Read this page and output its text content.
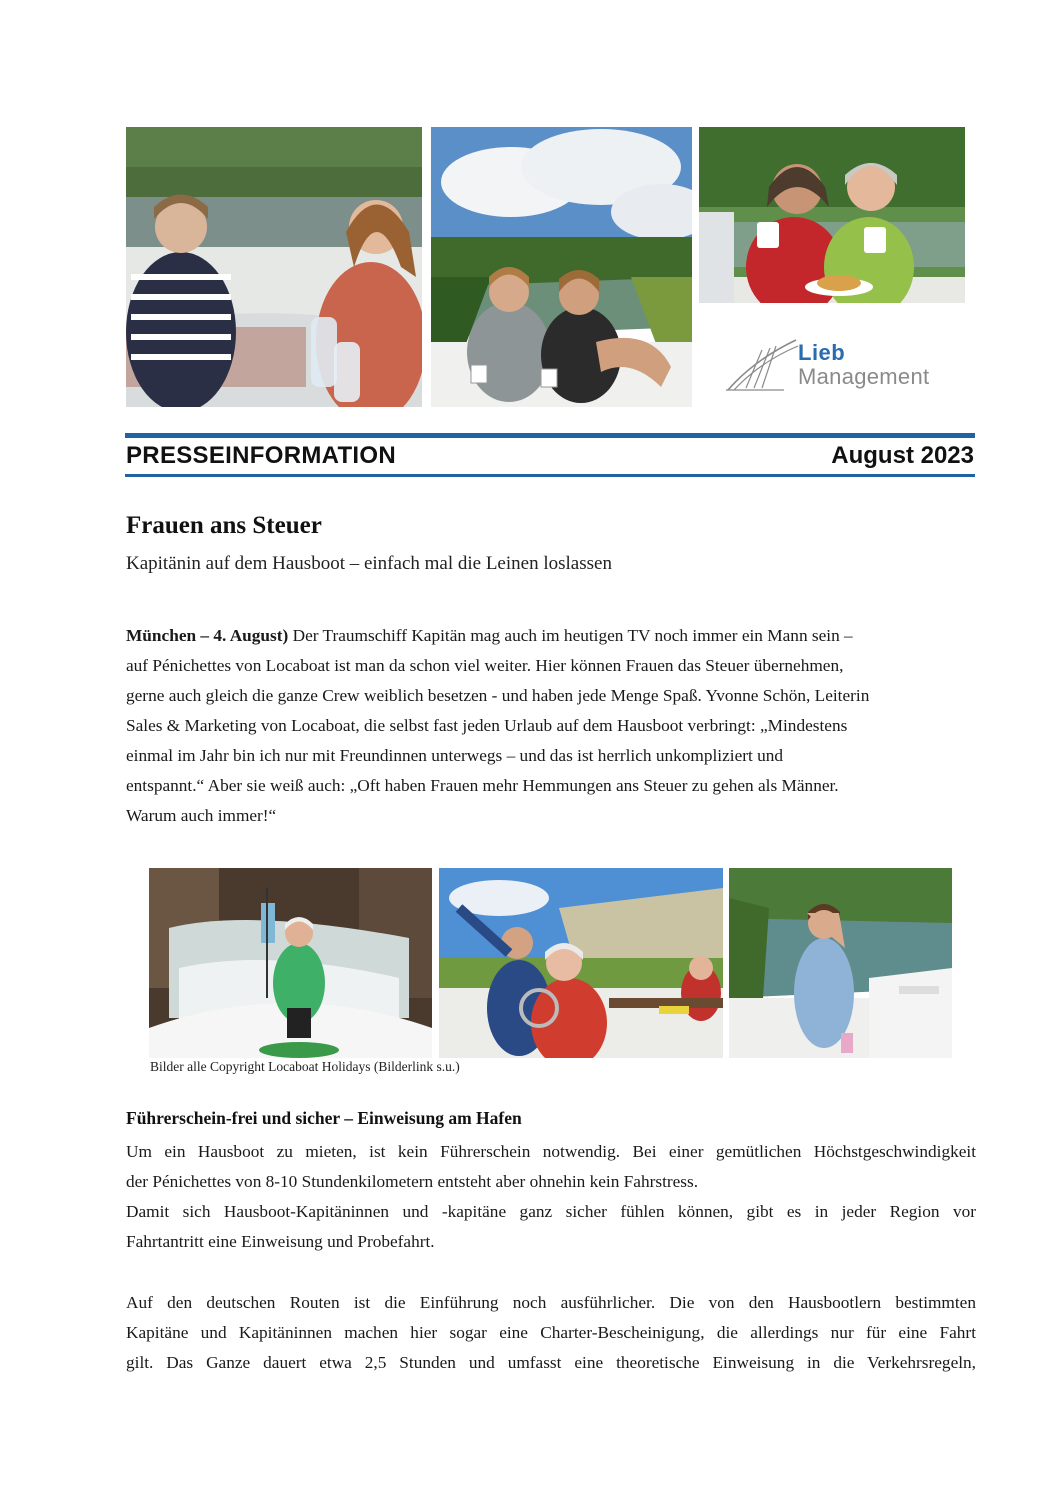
Lieb
Management
PRESSEINFORMATION	August 2023
Frauen ans Steuer
Kapitänin auf dem Hausboot – einfach mal die Leinen loslassen
München – 4. August) Der Traumschiff Kapitän mag auch im heutigen TV noch immer ein Mann sein –
auf Pénichettes von Locaboat ist man da schon viel weiter. Hier können Frauen das Steuer übernehmen,
gerne auch gleich die ganze Crew weiblich besetzen - und haben jede Menge Spaß. Yvonne Schön, Leiterin
Sales & Marketing von Locaboat, die selbst fast jeden Urlaub auf dem Hausboot verbringt: „Mindestens
einmal im Jahr bin ich nur mit Freundinnen unterwegs – und das ist herrlich unkompliziert und
entspannt.“ Aber sie weiß auch: „Oft haben Frauen mehr Hemmungen ans Steuer zu gehen als Männer.
Warum auch immer!“
Bilder alle Copyright Locaboat Holidays (Bilderlink s.u.)
Führerschein-frei und sicher – Einweisung am Hafen
Um ein Hausboot zu mieten, ist kein Führerschein notwendig. Bei einer gemütlichen Höchstgeschwindigkeit
der Pénichettes von 8-10 Stundenkilometern entsteht aber ohnehin kein Fahrstress.
Damit sich Hausboot-Kapitäninnen und -kapitäne ganz sicher fühlen können, gibt es in jeder Region vor
Fahrtantritt eine Einweisung und Probefahrt.
Auf den deutschen Routen ist die Einführung noch ausführlicher. Die von den Hausbootlern bestimmten
Kapitäne und Kapitäninnen machen hier sogar eine Charter-Bescheinigung, die allerdings nur für eine Fahrt
gilt. Das Ganze dauert etwa 2,5 Stunden und umfasst eine theoretische Einweisung in die Verkehrsregeln,
